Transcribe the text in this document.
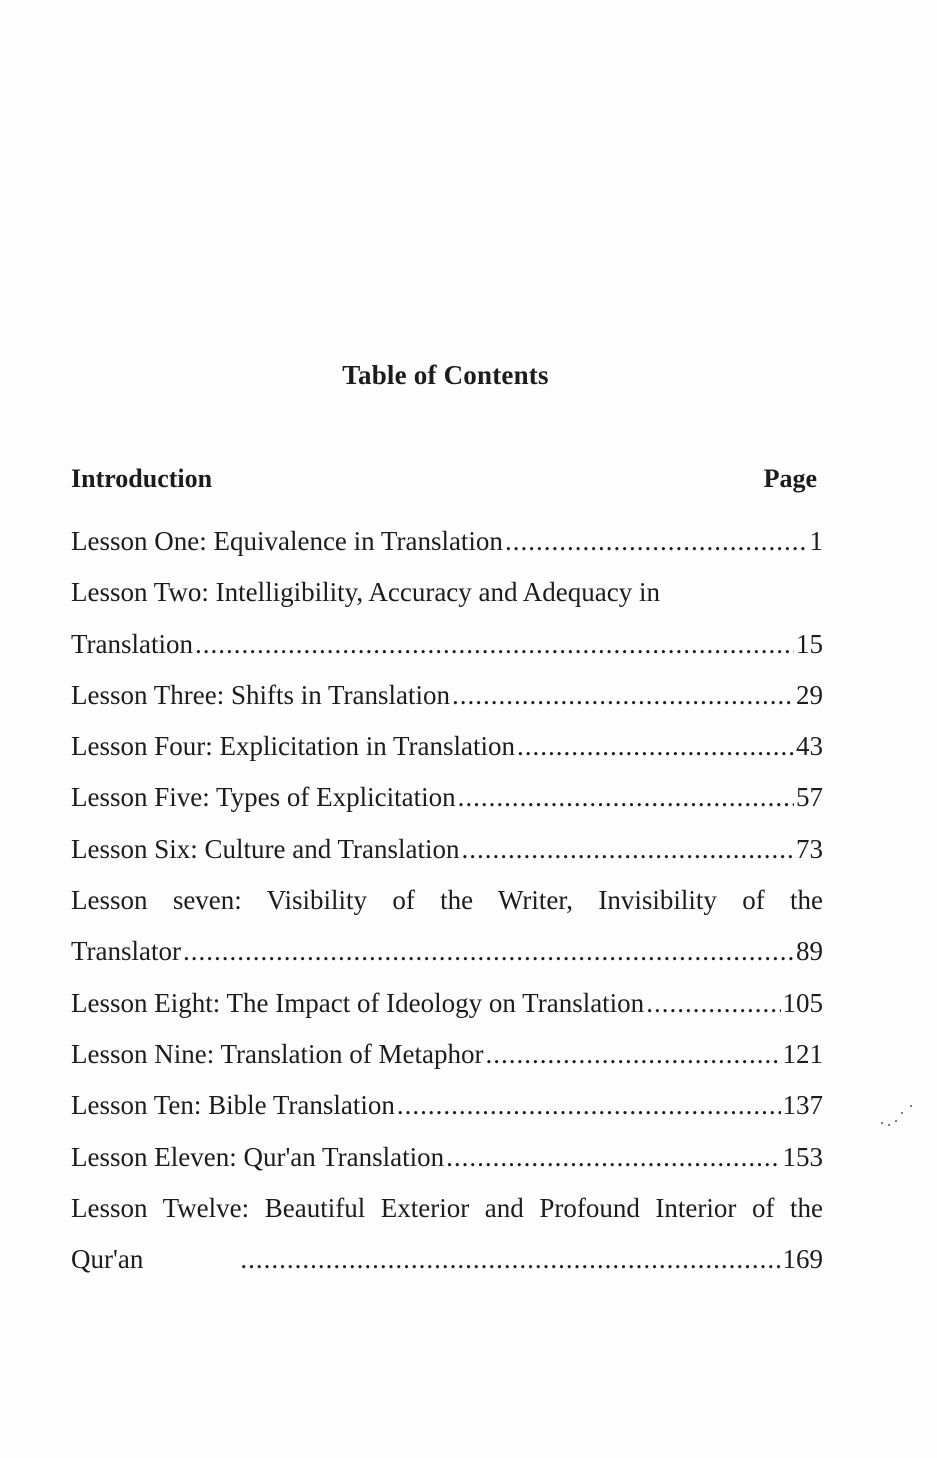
Table of Contents
Introduction	Page
Lesson One: Equivalence in Translation .....	1
Lesson Two: Intelligibility, Accuracy and Adequacy in
Translation .....	15
Lesson Three: Shifts in Translation .....	29
Lesson Four: Explicitation in Translation .....	43
Lesson Five: Types of Explicitation .....	57
Lesson Six: Culture and Translation .....	73
Lesson seven: Visibility of the Writer, Invisibility of the
Translator .....	89
Lesson Eight: The Impact of Ideology on Translation .....	105
Lesson Nine: Translation of Metaphor .....	121
Lesson Ten: Bible Translation .....	137
Lesson Eleven: Qur'an Translation .....	153
Lesson Twelve: Beautiful Exterior and Profound Interior of the
Qur'an .....	169
